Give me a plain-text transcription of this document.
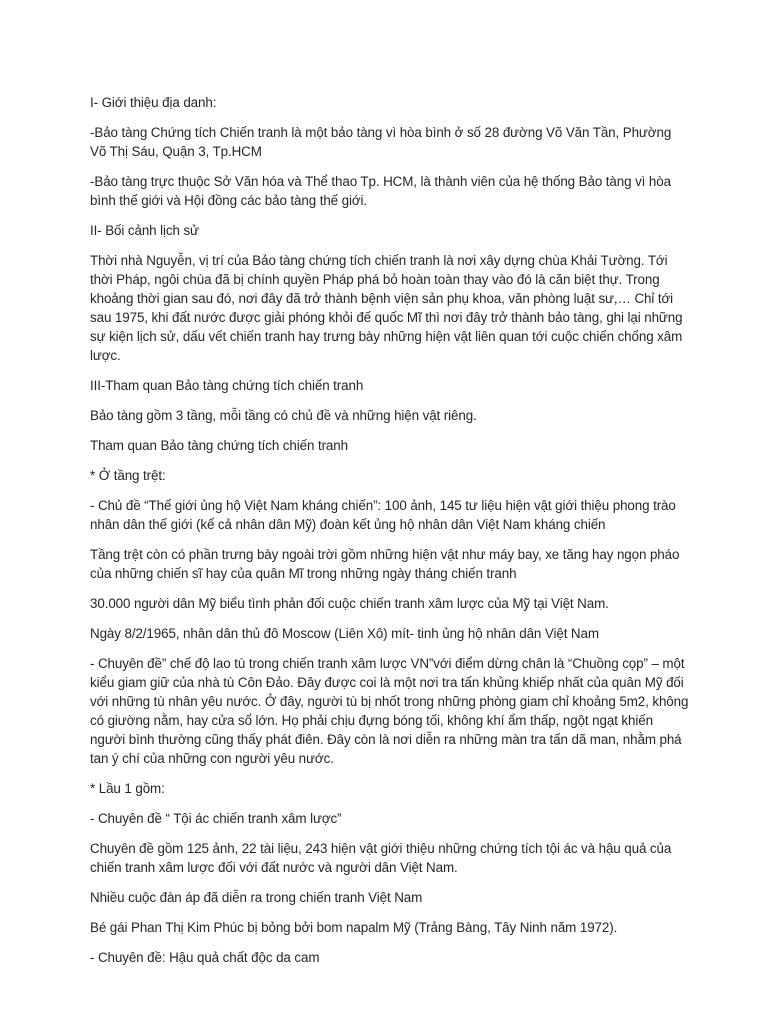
I- Giới thiệu địa danh:

-Bảo tàng Chứng tích Chiến tranh là một bảo tàng vì hòa bình ở số 28 đường Võ Văn Tần, Phường Võ Thị Sáu, Quận 3, Tp.HCM

-Bảo tàng trực thuộc Sở Văn hóa và Thể thao Tp. HCM, là thành viên của hệ thống Bảo tàng vì hòa bình thế giới và Hội đồng các bảo tàng thế giới.

II- Bối cảnh lịch sử

Thời nhà Nguyễn, vị trí của Bảo tàng chứng tích chiến tranh là nơi xây dựng chùa Khải Tường. Tới thời Pháp, ngôi chùa đã bị chính quyền Pháp phá bỏ hoàn toàn thay vào đó là căn biệt thự. Trong khoảng thời gian sau đó, nơi đây đã trở thành bệnh viện sản phụ khoa, văn phòng luật sư,… Chỉ tới sau 1975, khi đất nước được giải phóng khỏi đế quốc Mĩ thì nơi đây trở thành bảo tàng, ghi lại những sự kiện lịch sử, dấu vết chiến tranh hay trưng bày những hiện vật liên quan tới cuộc chiến chống xâm lược.

III-Tham quan Bảo tàng chứng tích chiến tranh

Bảo tàng gồm 3 tầng, mỗi tầng có chủ đề và những hiện vật riêng.

Tham quan Bảo tàng chứng tích chiến tranh

* Ở tầng trệt:

- Chủ đề “Thế giới ủng hộ Việt Nam kháng chiến”: 100 ảnh, 145 tư liệu hiện vật giới thiệu phong trào nhân dân thế giới (kể cả nhân dân Mỹ) đoàn kết ủng hộ nhân dân Việt Nam kháng chiến

Tầng trệt còn có phần trưng bày ngoài trời gồm những hiện vật như máy bay, xe tăng hay ngọn pháo của những chiến sĩ hay của quân Mĩ trong những ngày tháng chiến tranh

30.000 người dân Mỹ biểu tình phản đối cuộc chiến tranh xâm lược của Mỹ tại Việt Nam.

Ngày 8/2/1965, nhân dân thủ đô Moscow (Liên Xô) mít- tinh ủng hộ nhân dân Việt Nam

- Chuyên đề” chế độ lao tù trong chiến tranh xâm lược VN”với điểm dừng chân là “Chuồng cọp” – một kiểu giam giữ của nhà tù Côn Đảo. Đây được coi là một nơi tra tấn khủng khiếp nhất của quân Mỹ đối với những tù nhân yêu nước. Ở đây, người tù bị nhốt trong những phòng giam chỉ khoảng 5m2, không có giường nằm, hay cửa sổ lớn. Họ phải chịu đựng bóng tối, không khí ẩm thấp, ngột ngạt khiến người bình thường cũng thấy phát điên. Đây còn là nơi diễn ra những màn tra tấn dã man, nhằm phá tan ý chí của những con người yêu nước.

* Lầu 1 gồm:

- Chuyên đề “ Tội ác chiến tranh xâm lược”

Chuyên đề gồm 125 ảnh, 22 tài liệu, 243 hiện vật giới thiệu những chứng tích tội ác và hậu quả của chiến tranh xâm lược đối với đất nước và người dân Việt Nam.

Nhiều cuộc đàn áp đã diễn ra trong chiến tranh Việt Nam

Bé gái Phan Thị Kim Phúc bị bỏng bởi bom napalm Mỹ (Trảng Bàng, Tây Ninh năm 1972).

- Chuyên đề: Hậu quả chất độc da cam
